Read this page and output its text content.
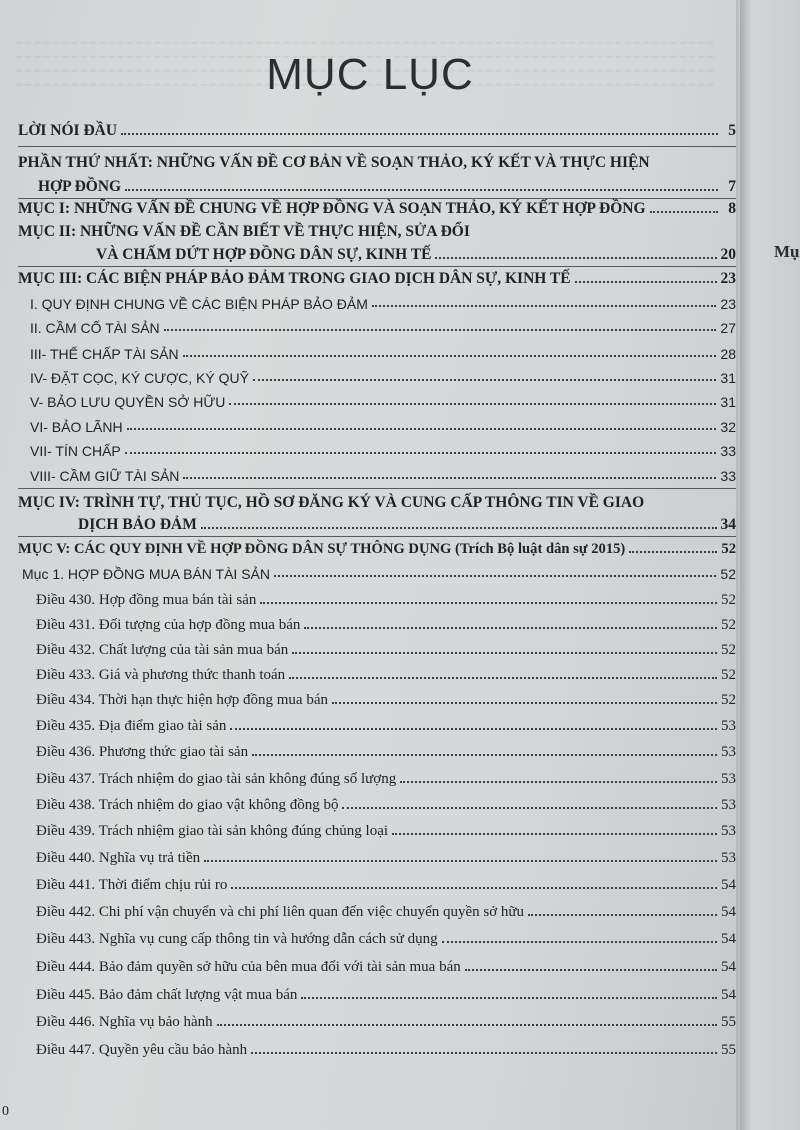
~~~~~~~~~~~~~~~~~~~~~~~~~~~~~~~~~~~~~~~~~~~~~~~~~~~~~~~~~~~~~~~~~~~~~~~~~~~~
~~~~~~~~~~~~~~~~~~~~~~~~~~~~~~~~~~~~~~~~~~~~~~~~~~~~~~~~~~~~~~~~~~~~~~~~~~~~
~~~~~~~~~~~~~~~~~~~~~~~~~~~~~~~~~~~~~~~~~~~~~~~~~~~~~~~~~~~~~~~~~~~~~~~~~~~~
~~~~~~~~~~~~~~~~~~~~~~~~~~~~~~~~~~~~~~~~~~~~~~~~~~~~~~~~~~~~~~~~~~~~~~~~~~~~
MỤC LỤC
LỜI NÓI ĐẦU	5
PHẦN THỨ NHẤT: NHỮNG VẤN ĐỀ CƠ BẢN VỀ SOẠN THẢO, KÝ KẾT VÀ THỰC HIỆN
HỢP ĐỒNG	7
MỤC I: NHỮNG VẤN ĐỀ CHUNG VỀ HỢP ĐỒNG VÀ SOẠN THẢO, KÝ KẾT HỢP ĐỒNG	8
MỤC II: NHỮNG VẤN ĐỀ CẦN BIẾT VỀ THỰC HIỆN, SỬA ĐỔI
VÀ CHẤM DỨT HỢP ĐỒNG DÂN SỰ, KINH TẾ	20
MỤC III: CÁC BIỆN PHÁP BẢO ĐẢM TRONG GIAO DỊCH DÂN SỰ, KINH TẾ	23
I. QUY ĐỊNH CHUNG VỀ CÁC BIỆN PHÁP BẢO ĐẢM	23
II. CẦM CỐ TÀI SẢN	27
III- THẾ CHẤP TÀI SẢN	28
IV- ĐẶT CỌC, KÝ CƯỢC, KÝ QUỸ	31
V- BẢO LƯU QUYỀN SỞ HỮU	31
VI- BẢO LÃNH	32
VII- TÍN CHẤP	33
VIII- CẦM GIỮ TÀI SẢN	33
MỤC IV: TRÌNH TỰ, THỦ TỤC, HỒ SƠ ĐĂNG KÝ VÀ CUNG CẤP THÔNG TIN VỀ GIAO
DỊCH BẢO ĐẢM	34
MỤC V: CÁC QUY ĐỊNH VỀ HỢP ĐỒNG DÂN SỰ THÔNG DỤNG (Trích Bộ luật dân sự 2015)	52
Mục 1. HỢP ĐỒNG MUA BÁN TÀI SẢN	52
Điều 430. Hợp đồng mua bán tài sản	52
Điều 431. Đối tượng của hợp đồng mua bán	52
Điều 432. Chất lượng của tài sản mua bán	52
Điều 433. Giá và phương thức thanh toán	52
Điều 434. Thời hạn thực hiện hợp đồng mua bán	52
Điều 435. Địa điểm giao tài sản	53
Điều 436. Phương thức giao tài sản	53
Điều 437. Trách nhiệm do giao tài sản không đúng số lượng	53
Điều 438. Trách nhiệm do giao vật không đồng bộ	53
Điều 439. Trách nhiệm giao tài sản không đúng chủng loại	53
Điều 440. Nghĩa vụ trả tiền	53
Điều 441. Thời điểm chịu rủi ro	54
Điều 442. Chi phí vận chuyển và chi phí liên quan đến việc chuyển quyền sở hữu	54
Điều 443. Nghĩa vụ cung cấp thông tin và hướng dẫn cách sử dụng	54
Điều 444. Bảo đảm quyền sở hữu của bên mua đối với tài sản mua bán	54
Điều 445. Bảo đảm chất lượng vật mua bán	54
Điều 446. Nghĩa vụ bảo hành	55
Điều 447. Quyền yêu cầu bảo hành	55
0
Mụ
